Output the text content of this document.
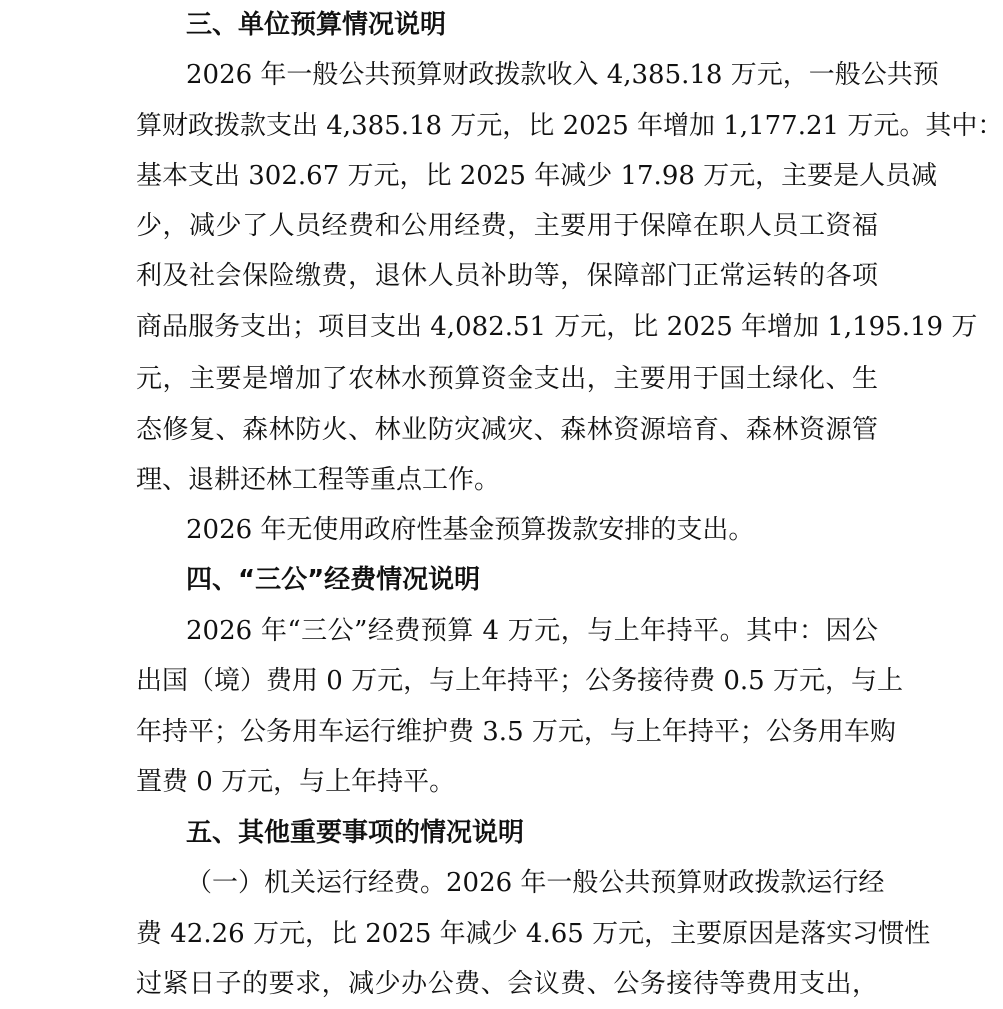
三、单位预算情况说明
2026 年一般公共预算财政拨款收入 4,385.18 万元，一般公共预
算财政拨款支出 4,385.18 万元，比 2025 年增加 1,177.21 万元。其中：
基本支出 302.67 万元，比 2025 年减少 17.98 万元，主要是人员减
少，减少了人员经费和公用经费，主要用于保障在职人员工资福
利及社会保险缴费，退休人员补助等，保障部门正常运转的各项
商品服务支出；项目支出 4,082.51 万元，比 2025 年增加 1,195.19 万
元，主要是增加了农林水预算资金支出，主要用于国土绿化、生
态修复、森林防火、林业防灾减灾、森林资源培育、森林资源管
理、退耕还林工程等重点工作。
2026 年无使用政府性基金预算拨款安排的支出。
四、“三公”经费情况说明
2026 年“三公”经费预算 4 万元，与上年持平。其中：因公
出国（境）费用 0 万元，与上年持平；公务接待费 0.5 万元，与上
年持平；公务用车运行维护费 3.5 万元，与上年持平；公务用车购
置费 0 万元，与上年持平。
五、其他重要事项的情况说明
（一）机关运行经费。2026 年一般公共预算财政拨款运行经
费 42.26 万元，比 2025 年减少 4.65 万元，主要原因是落实习惯性
过紧日子的要求，减少办公费、会议费、公务接待等费用支出，
